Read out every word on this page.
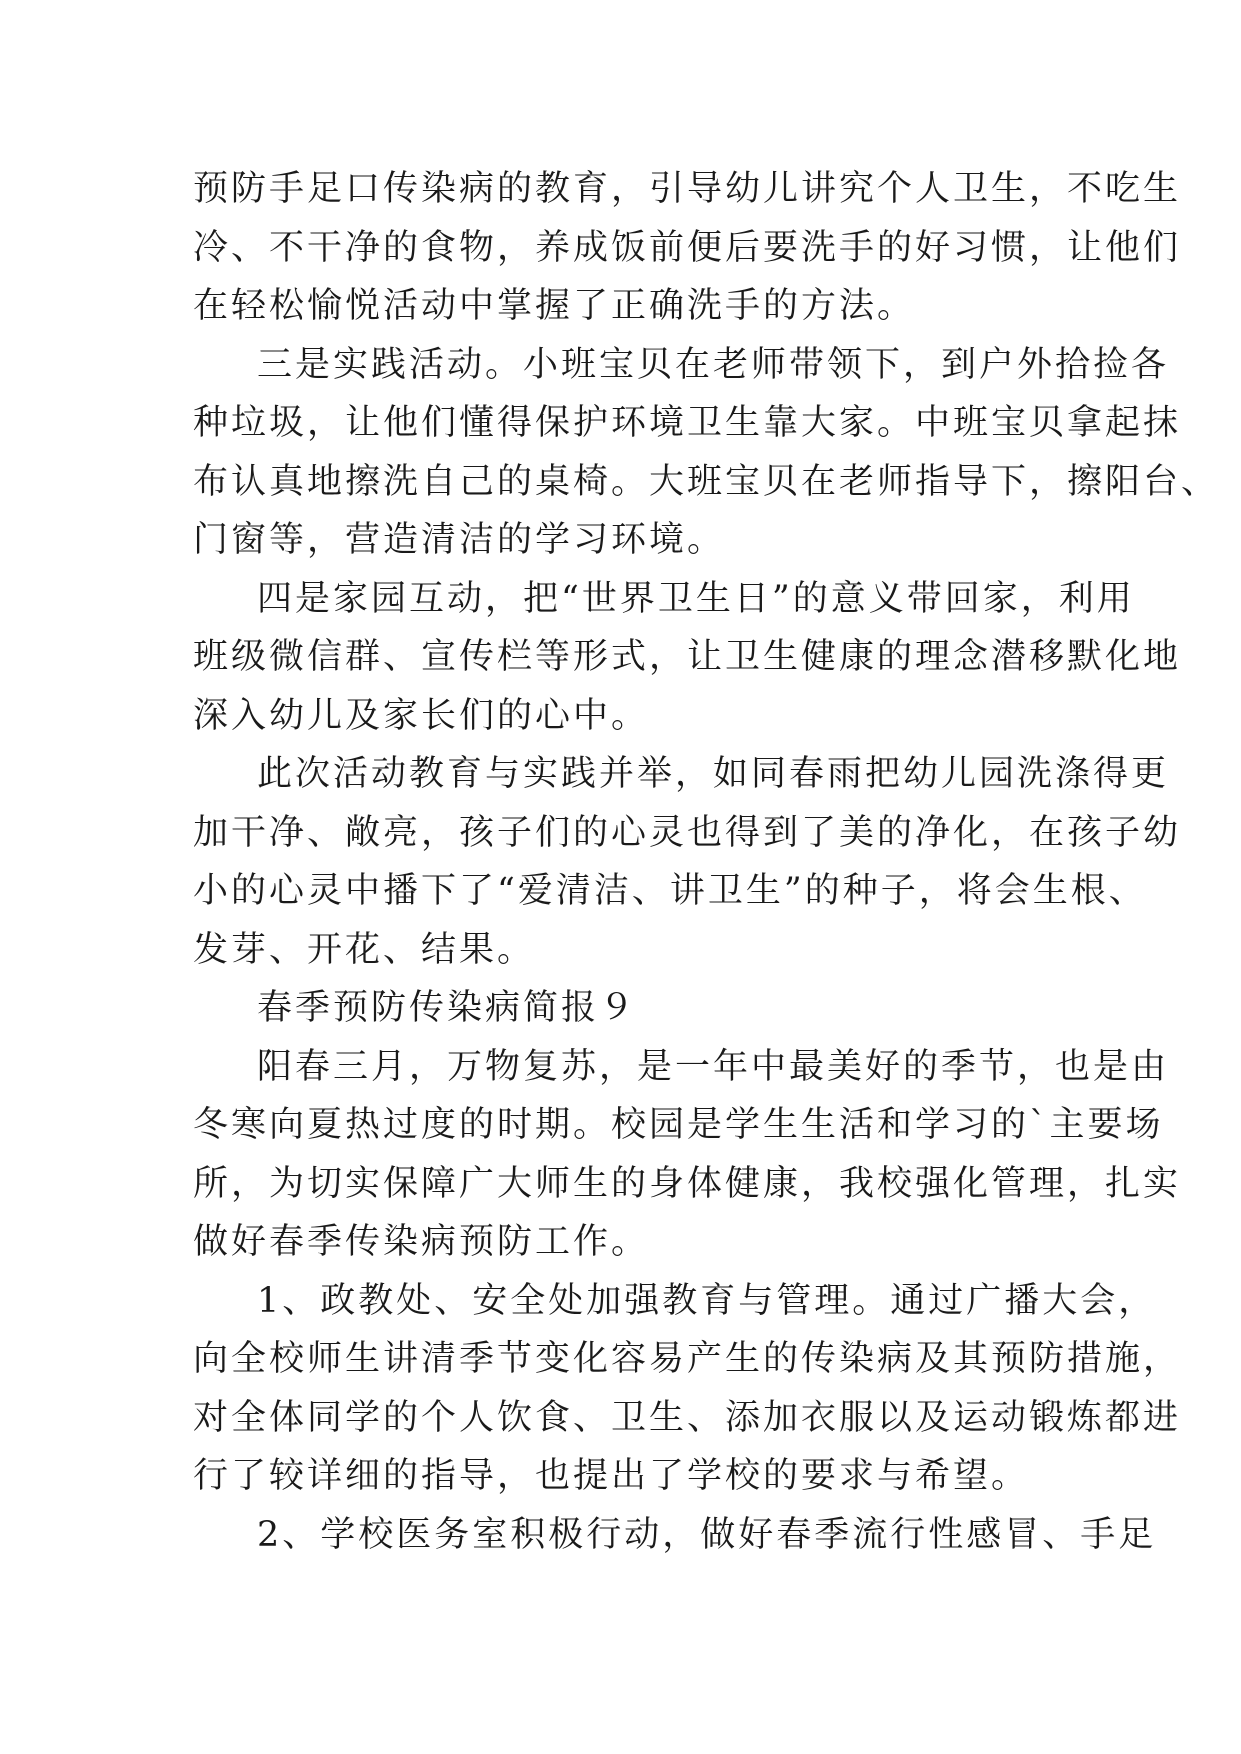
预防手足口传染病的教育，引导幼儿讲究个人卫生，不吃生
冷、不干净的食物，养成饭前便后要洗手的好习惯，让他们
在轻松愉悦活动中掌握了正确洗手的方法。
三是实践活动。小班宝贝在老师带领下，到户外拾捡各
种垃圾，让他们懂得保护环境卫生靠大家。中班宝贝拿起抹
布认真地擦洗自己的桌椅。大班宝贝在老师指导下，擦阳台、
门窗等，营造清洁的学习环境。
四是家园互动，把“世界卫生日”的意义带回家，利用
班级微信群、宣传栏等形式，让卫生健康的理念潜移默化地
深入幼儿及家长们的心中。
此次活动教育与实践并举，如同春雨把幼儿园洗涤得更
加干净、敞亮，孩子们的心灵也得到了美的净化，在孩子幼
小的心灵中播下了“爱清洁、讲卫生”的种子，将会生根、
发芽、开花、结果。
春季预防传染病简报９
阳春三月，万物复苏，是一年中最美好的季节，也是由
冬寒向夏热过度的时期。校园是学生生活和学习的`主要场
所，为切实保障广大师生的身体健康，我校强化管理，扎实
做好春季传染病预防工作。
1、政教处、安全处加强教育与管理。通过广播大会，
向全校师生讲清季节变化容易产生的传染病及其预防措施，
对全体同学的个人饮食、卫生、添加衣服以及运动锻炼都进
行了较详细的指导，也提出了学校的要求与希望。
2、学校医务室积极行动，做好春季流行性感冒、手足
